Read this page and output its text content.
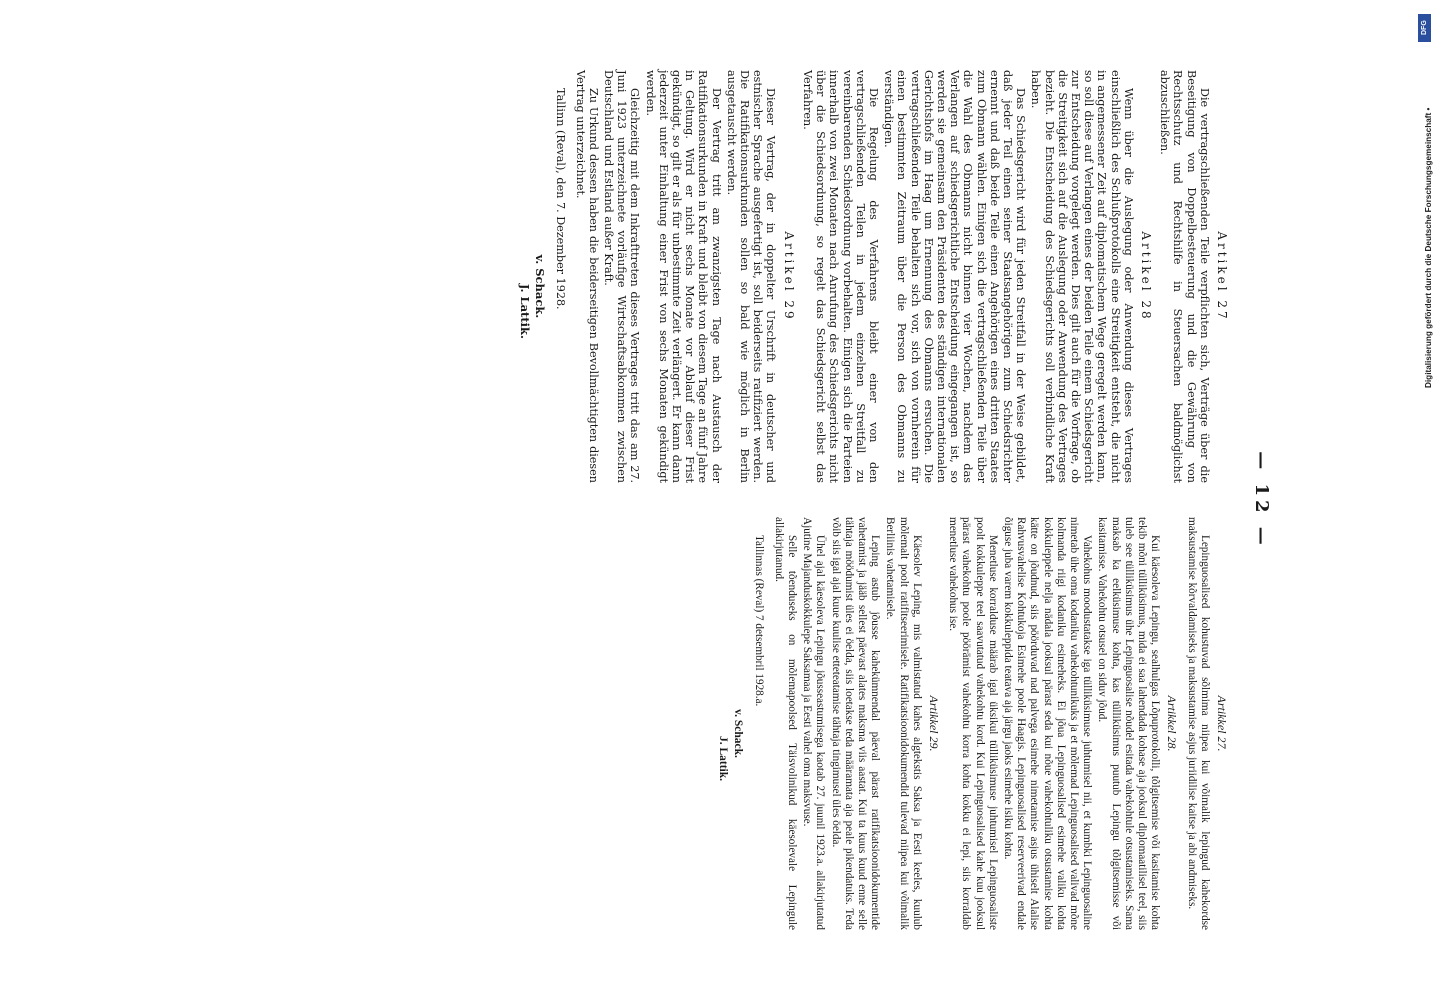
— 12 —
Artikel 27

Die vertragschließenden Teile verpflichten sich, Verträge über die Beseitigung von Doppelbesteuerung und die Gewährung von Rechtsschutz und Rechtshilfe in Steuersachen baldmöglichst abzuschließen.

Artikel 28

Wenn über die Auslegung oder Anwendung dieses Vertrages einschließlich des Schlußprotokolls eine Streitigkeit entsteht, die nicht in angemessener Zeit auf diplomatischem Wege geregelt werden kann, so soll diese auf Verlangen eines der beiden Teile einem Schiedsgericht zur Entscheidung vorgelegt werden. Dies gilt auch für die Vorfrage, ob die Streitigkeit sich auf die Auslegung oder Anwendung des Vertrages bezieht. Die Entscheidung des Schiedsgerichts soll verbindliche Kraft haben.

Das Schiedsgericht wird für jeden Streitfall in der Weise gebildet, daß jeder Teil einen seiner Staatsangehörigen zum Schiedsrichter ernennt und daß beide Teile einen Angehörigen eines dritten Staates zum Obmann wählen. Einigen sich die vertragschließenden Teile über die Wahl des Obmanns nicht binnen vier Wochen, nachdem das Verlangen auf schiedsgerichtliche Entscheidung eingegangen ist, so werden sie gemeinsam den Präsidenten des ständigen internationalen Gerichtshofs im Haag um Ernennung des Obmanns ersuchen. Die vertragschließenden Teile behalten sich vor, sich von vornherein für einen bestimmten Zeitraum über die Person des Obmanns zu verständigen.

Die Regelung des Verfahrens bleibt einer von den vertragschließenden Teilen in jedem einzelnen Streitfall zu vereinbarenden Schiedsordnung vorbehalten. Einigen sich die Parteien innerhalb von zwei Monaten nach Anrufung des Schiedsgerichts nicht über die Schiedsordnung, so regelt das Schiedsgericht selbst das Verfahren.

Artikel 29

Dieser Vertrag, der in doppelter Urschrift in deutscher und estnischer Sprache ausgefertigt ist, soll beiderseits ratifiziert werden. Die Ratifikationsurkunden sollen so bald wie möglich in Berlin ausgetauscht werden.

Der Vertrag tritt am zwanzigsten Tage nach Austausch der Ratifikationsurkunden in Kraft und bleibt von diesem Tage an fünf Jahre in Geltung. Wird er nicht sechs Monate vor Ablauf dieser Frist gekündigt, so gilt er als für unbestimmte Zeit verlängert. Er kann dann jederzeit unter Einhaltung einer Frist von sechs Monaten gekündigt werden.

Gleichzeitig mit dem Inkrafttreten dieses Vertrages tritt das am 27. Juni 1923 unterzeichnete vorläufige Wirtschaftsabkommen zwischen Deutschland und Estland außer Kraft.

Zu Urkund dessen haben die beiderseitigen Bevollmächtigten diesen Vertrag unterzeichnet.

Tallinn (Reval), den 7. Dezember 1928.

v. Schack.
J. Lattik.
Artikkel 27.

Lepinguosalised kohustuvad sõlmima niipea kui võimalik lepingud kahekordse maksustamise kõrvaldamiseks ja maksustamise asjus juriidilise kaitse ja abi andmiseks.

Artikkel 28.

Kui käesoleva Lepingu, sealhulgas Lõpuprotokolli, tõlgitsemise või kasitamise kohta tekib mõni tülliküsimus, mida ei saa lahendada kohase aja jooksul diplomaatilisel teel, siis tuleb see tülliküsimus ühe Lepinguosalise nõudel esitada vahekohtule otsustamiseks. Sama maksab ka eelküsimuse kohta, kas tülliküsimus puutub Lepingu tõlgitsemisse või kasitamisse. Vahekohtu otsusel on siduv jõud.

Vahekohus moodustatakse iga tülliküsimuse juhtumisel nii, et kumbki Lepinguosaline nimetab ühe oma kodaniku vahekohtunikuks ja et mõlemad Lepinguosalised valivad mõne kolmanda riigi kodaniku esimeheks. Ei jõua Lepinguosalised esimehe valiku kohta kokkuleppele nelja nädala jooksul pärast seda kui nõue vahekohtuliku otsustamise kohta kätte on jõudnud, siis pöörduvad nad palvega esimehe nimetamise asjus ühiselt Alalise Rahvusvahelise Kohtukoja Esimehe poole Haagis. Lepinguosalised reserveerivad endale õiguse juba varem kokkuleppida teatava aja järgu jaoks esimehe isiku kohta.

Menetluse korralduse määrab igal üksikul tülliküsimuse juhtumisel Lepinguosaliste poolt kokkuleppe teel saavutatud vahekohtu kord. Kui Lepinguosalised kahe kuu jooksul pärast vahekohtu poole pöörämist vahekohtu korra kohta kokku ei lepi, siis korraldab menetluse vahekohus ise.

Artikkel 29.

Käesolev Leping, mis valmistatud kahes algtekstis Saksa ja Eesti keeles, kuulub mõlemalt poolt ratifitseerimisele. Ratifikatsioonidokumendid tulevad niipea kui võimalik Berliinis vahetamisele.

Leping astub jõusse kahekümnendal päeval pärast ratifikatsioonidokumentide vahetamist ja jääb sellest päevast alates maksma viis aastat. Kui ta kuus kuud enne selle tähtaja möödumist üles ei öelda, siis loetakse teda määramata aja peale pikendatuks. Teda võib siis igal ajal kuue kuulise etteteatamise tähtaja tingimusel üles öelda.

Ühel ajal käesoleva Lepingu jõusseastumisega kaotab 27. juunil 1923.a. allakirjutatud Ajutine Majanduskokkulepe Saksamaa ja Eesti vahel oma maksvuse.

Selle tõenduseks on mõlemapoolsed Täisvolinikud käesolevale Lepingule allakirjutanud.

Tallinnas (Reval) 7 detsembril 1928.a.

v. Schack.
J. Lattik.
DFG
Digitalisierung gefördert durch die Deutsche Forschungsgemeinschaft •
